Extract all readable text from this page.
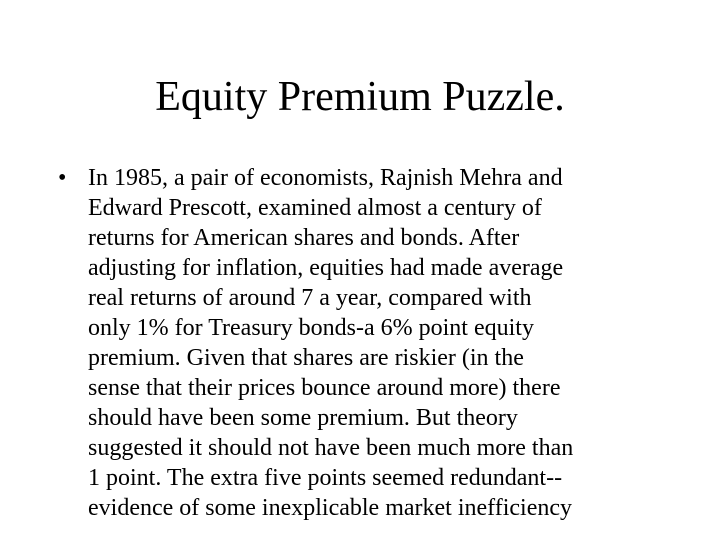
Equity Premium Puzzle.
• In 1985, a pair of economists, Rajnish Mehra and
Edward Prescott, examined almost a century of
returns for American shares and bonds. After
adjusting for inflation, equities had made average
real returns of around 7 a year, compared with
only 1% for Treasury bonds-a 6% point equity
premium. Given that shares are riskier (in the
sense that their prices bounce around more) there
should have been some premium. But theory
suggested it should not have been much more than
1 point. The extra five points seemed redundant--
evidence of some inexplicable market inefficiency
